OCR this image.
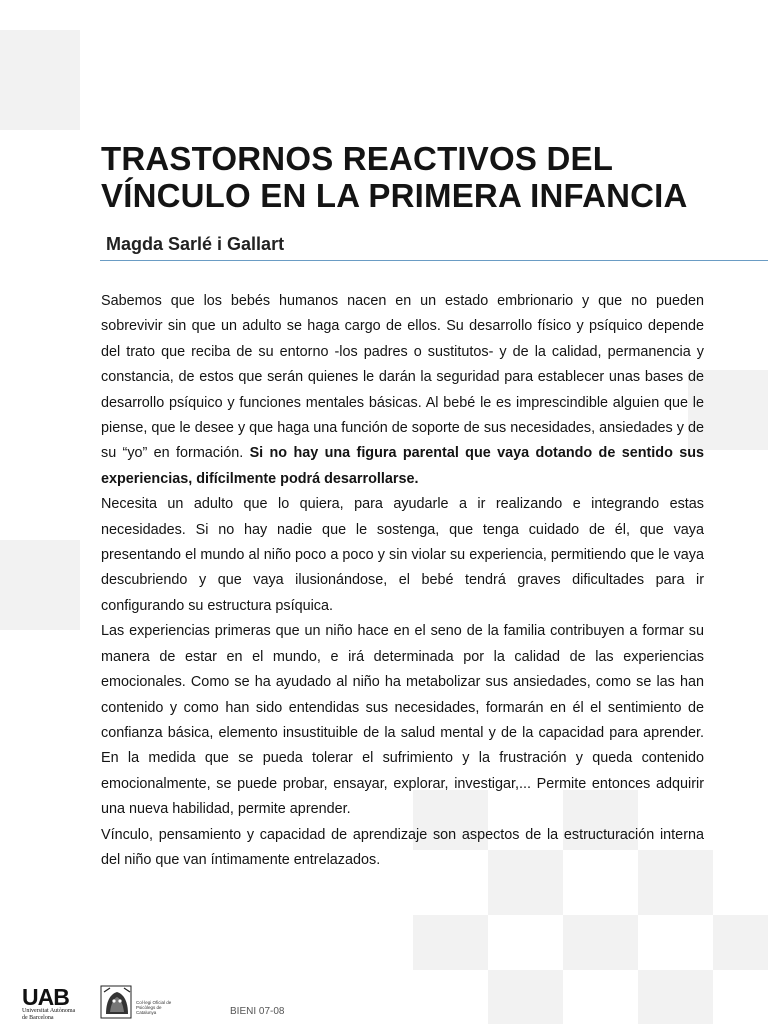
TRASTORNOS REACTIVOS DEL
VÍNCULO EN LA PRIMERA INFANCIA
Magda Sarlé i Gallart

Sabemos que los bebés humanos nacen en un estado embrionario y que no pueden sobrevivir sin que un adulto se haga cargo de ellos. Su desarrollo físico y psíquico depende del trato que reciba de su entorno -los padres o sustitutos- y de la calidad, permanencia y constancia, de estos que serán quienes le darán la seguridad para establecer unas bases de desarrollo psíquico y funciones mentales básicas. Al bebé le es imprescindible alguien que le piense, que le desee y que haga una función de soporte de sus necesidades, ansiedades y de su “yo” en formación. Si no hay una figura parental que vaya dotando de sentido sus experiencias, difícilmente podrá desarrollarse.

Necesita un adulto que lo quiera, para ayudarle a ir realizando e integrando estas necesidades. Si no hay nadie que le sostenga, que tenga cuidado de él, que vaya presentando el mundo al niño poco a poco y sin violar su experiencia, permitiendo que le vaya descubriendo y que vaya ilusionándose, el bebé tendrá graves dificultades para ir configurando su estructura psíquica.

Las experiencias primeras que un niño hace en el seno de la familia contribuyen a formar su manera de estar en el mundo, e irá determinada por la calidad de las experiencias emocionales. Como se ha ayudado al niño ha metabolizar sus ansiedades, como se las han contenido y como han sido entendidas sus necesidades, formarán en él el sentimiento de confianza básica, elemento insustituible de la salud mental y de la capacidad para aprender. En la medida que se pueda tolerar el sufrimiento y la frustración y queda contenido emocionalmente, se puede probar, ensayar, explorar, investigar,... Permite entonces adquirir una nueva habilidad, permite aprender.

Vínculo, pensamiento y capacidad de aprendizaje son aspectos de la estructuración interna del niño que van íntimamente entrelazados.

UAB
Universitat Autònoma
de Barcelona
Col·legi Oficial de
Psicòlegs de Catalunya	BIENI 07-08
